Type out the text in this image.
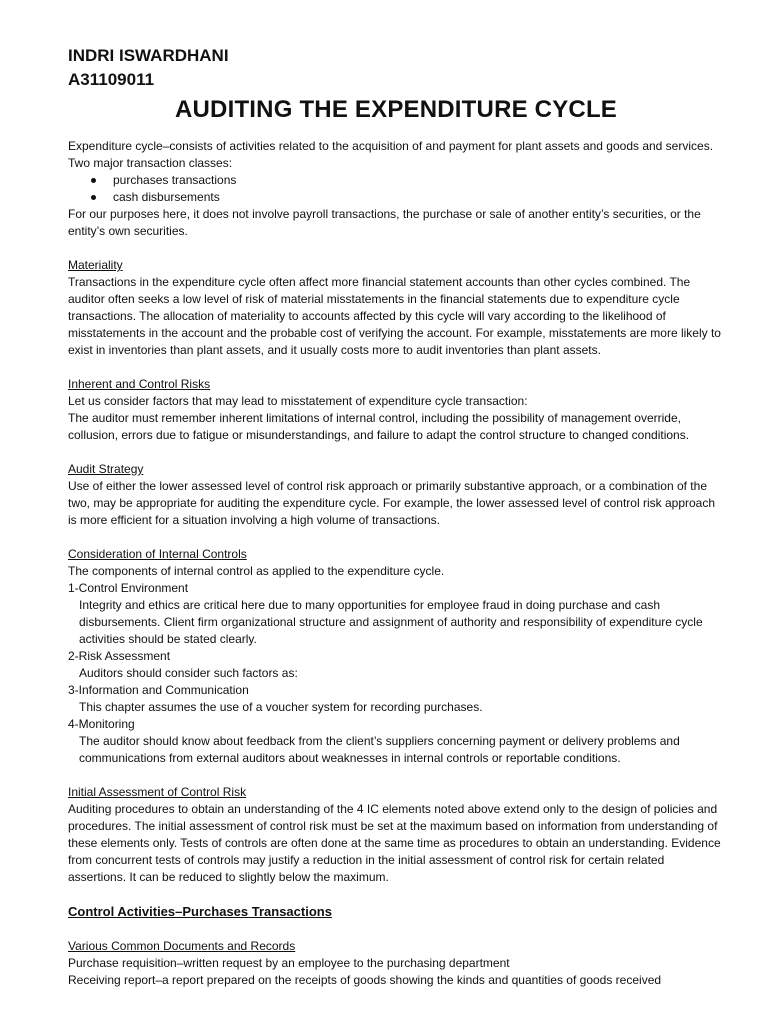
INDRI ISWARDHANI

A31109011

AUDITING THE EXPENDITURE CYCLE

Expenditure cycle–consists of activities related to the acquisition of and payment for plant assets and goods and services. Two major transaction classes:

purchases transactions
cash disbursements

For our purposes here, it does not involve payroll transactions, the purchase or sale of another entity’s securities, or the entity’s own securities.

Materiality

Transactions in the expenditure cycle often affect more financial statement accounts than other cycles combined. The auditor often seeks a low level of risk of material misstatements in the financial statements due to expenditure cycle transactions. The allocation of materiality to accounts affected by this cycle will vary according to the likelihood of misstatements in the account and the probable cost of verifying the account. For example, misstatements are more likely to exist in inventories than plant assets, and it usually costs more to audit inventories than plant assets.

Inherent and Control Risks

Let us consider factors that may lead to misstatement of expenditure cycle transaction:

The auditor must remember inherent limitations of internal control, including the possibility of management override, collusion, errors due to fatigue or misunderstandings, and failure to adapt the control structure to changed conditions.

Audit Strategy

Use of either the lower assessed level of control risk approach or primarily substantive approach, or a combination of the two, may be appropriate for auditing the expenditure cycle. For example, the lower assessed level of control risk approach is more efficient for a situation involving a high volume of transactions.

Consideration of Internal Controls

The components of internal control as applied to the expenditure cycle.

1-Control Environment

Integrity and ethics are critical here due to many opportunities for employee fraud in doing purchase and cash disbursements. Client firm organizational structure and assignment of authority and responsibility of expenditure cycle activities should be stated clearly.

2-Risk Assessment

Auditors should consider such factors as:

3-Information and Communication

This chapter assumes the use of a voucher system for recording purchases.

4-Monitoring

The auditor should know about feedback from the client’s suppliers concerning payment or delivery problems and communications from external auditors about weaknesses in internal controls or reportable conditions.

Initial Assessment of Control Risk

Auditing procedures to obtain an understanding of the 4 IC elements noted above extend only to the design of policies and procedures. The initial assessment of control risk must be set at the maximum based on information from understanding of these elements only. Tests of controls are often done at the same time as procedures to obtain an understanding. Evidence from concurrent tests of controls may justify a reduction in the initial assessment of control risk for certain related assertions. It can be reduced to slightly below the maximum.

Control Activities–Purchases Transactions

Various Common Documents and Records

Purchase requisition–written request by an employee to the purchasing department

Receiving report–a report prepared on the receipts of goods showing the kinds and quantities of goods received
